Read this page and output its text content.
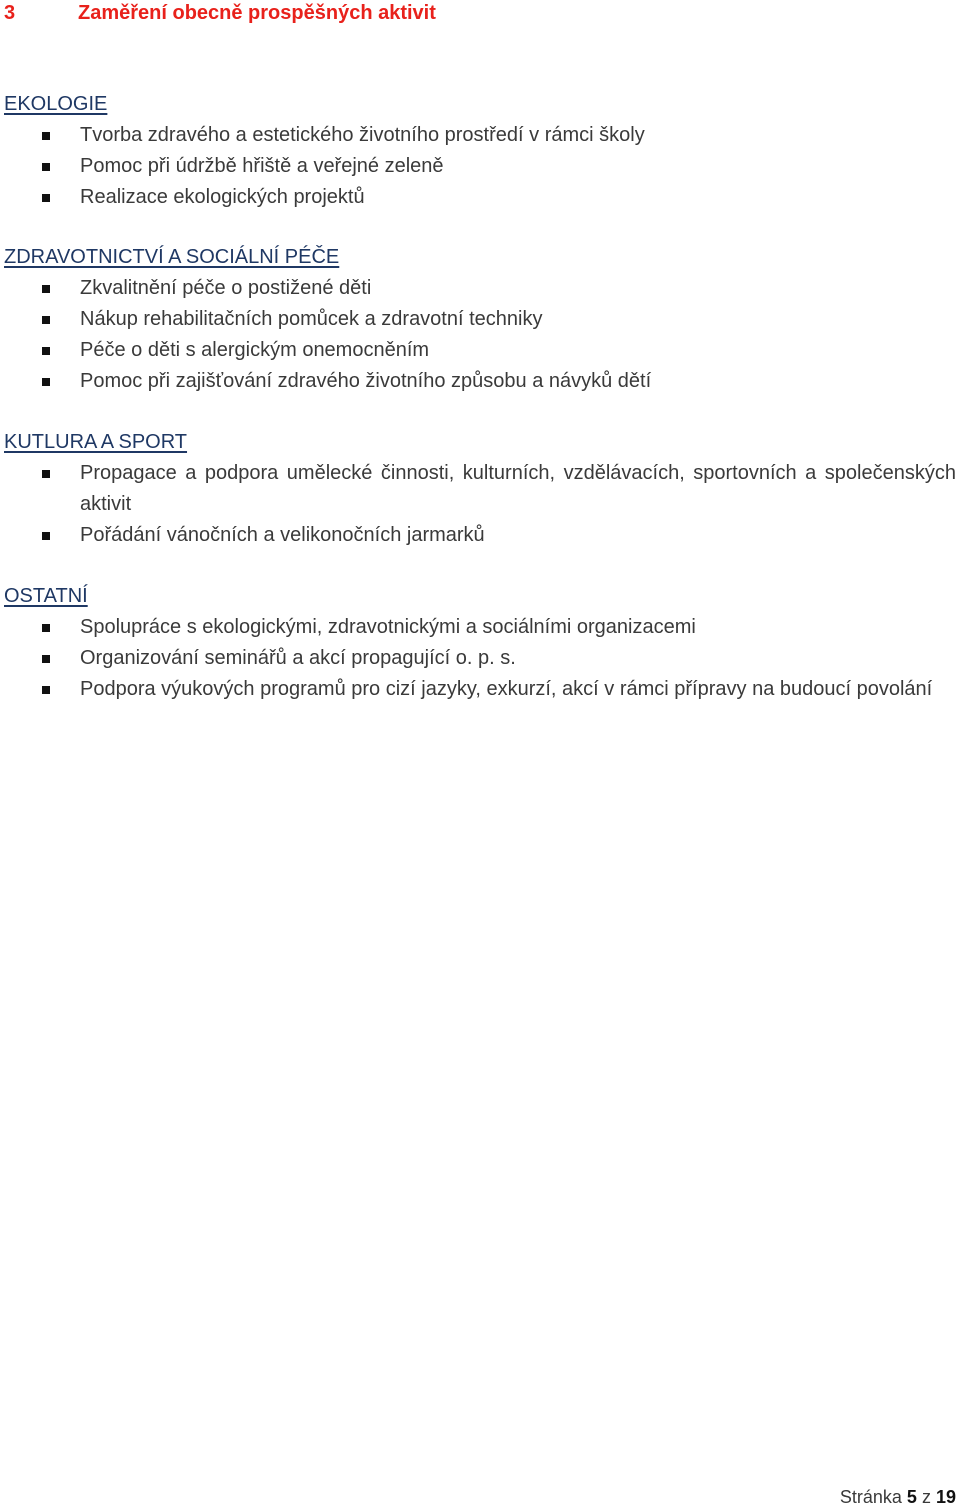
3	Zaměření obecně prospěšných aktivit
EKOLOGIE
Tvorba zdravého a estetického životního prostředí v rámci školy
Pomoc při údržbě hřiště a veřejné zeleně
Realizace ekologických projektů
ZDRAVOTNICTVÍ A SOCIÁLNÍ PÉČE
Zkvalitnění péče o postižené děti
Nákup rehabilitačních pomůcek a zdravotní techniky
Péče o děti s alergickým onemocněním
Pomoc při zajišťování zdravého životního způsobu a návyků dětí
KUTLURA A SPORT
Propagace a podpora umělecké činnosti, kulturních, vzdělávacích, sportovních a společenských aktivit
Pořádání vánočních a velikonočních jarmarků
OSTATNÍ
Spolupráce s ekologickými, zdravotnickými a sociálními organizacemi
Organizování seminářů a akcí propagující o. p. s.
Podpora výukových programů pro cizí jazyky, exkurzí, akcí v rámci přípravy na budoucí povolání
Stránka 5 z 19
